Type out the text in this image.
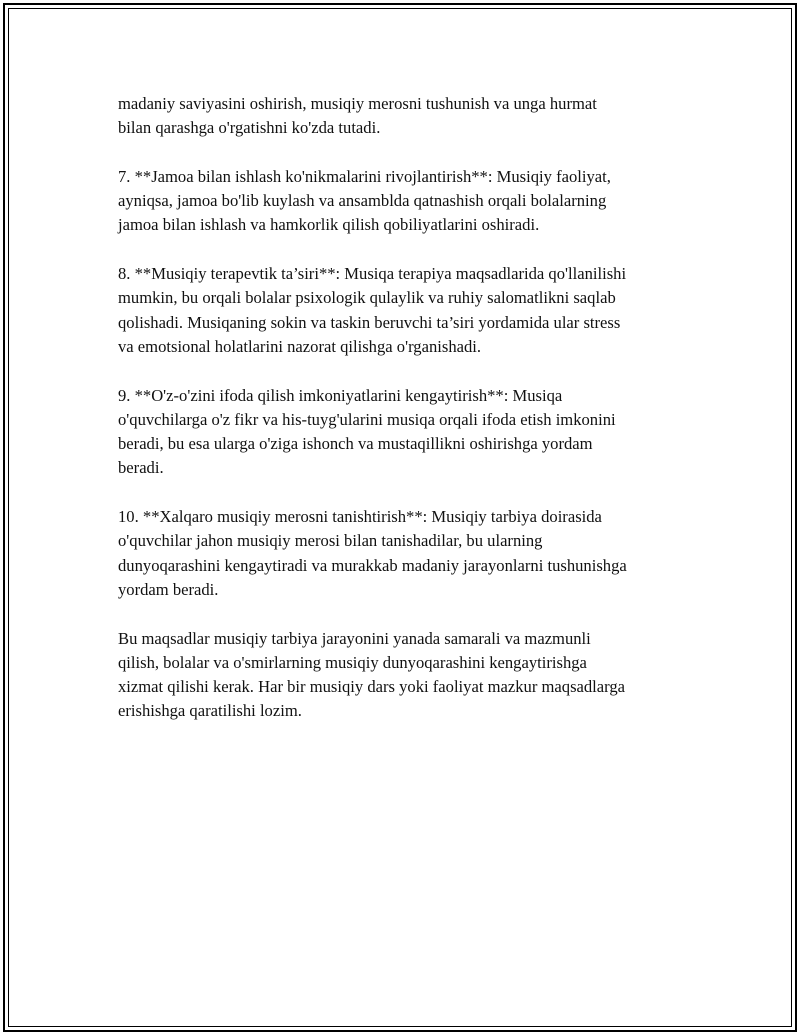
madaniy saviyasini oshirish, musiqiy merosni tushunish va unga hurmat
bilan qarashga o'rgatishni ko'zda tutadi.

7. **Jamoa bilan ishlash ko'nikmalarini rivojlantirish**: Musiqiy faoliyat,
ayniqsa, jamoa bo'lib kuylash va ansamblda qatnashish orqali bolalarning
jamoa bilan ishlash va hamkorlik qilish qobiliyatlarini oshiradi.

8. **Musiqiy terapevtik ta’siri**: Musiqa terapiya maqsadlarida qo'llanilishi
mumkin, bu orqali bolalar psixologik qulaylik va ruhiy salomatlikni saqlab
qolishadi. Musiqaning sokin va taskin beruvchi ta’siri yordamida ular stress
va emotsional holatlarini nazorat qilishga o'rganishadi.

9. **O'z-o'zini ifoda qilish imkoniyatlarini kengaytirish**: Musiqa
o'quvchilarga o'z fikr va his-tuyg'ularini musiqa orqali ifoda etish imkonini
beradi, bu esa ularga o'ziga ishonch va mustaqillikni oshirishga yordam
beradi.

10. **Xalqaro musiqiy merosni tanishtirish**: Musiqiy tarbiya doirasida
o'quvchilar jahon musiqiy merosi bilan tanishadilar, bu ularning
dunyoqarashini kengaytiradi va murakkab madaniy jarayonlarni tushunishga
yordam beradi.

Bu maqsadlar musiqiy tarbiya jarayonini yanada samarali va mazmunli
qilish, bolalar va o'smirlarning musiqiy dunyoqarashini kengaytirishga
xizmat qilishi kerak. Har bir musiqiy dars yoki faoliyat mazkur maqsadlarga
erishishga qaratilishi lozim.
